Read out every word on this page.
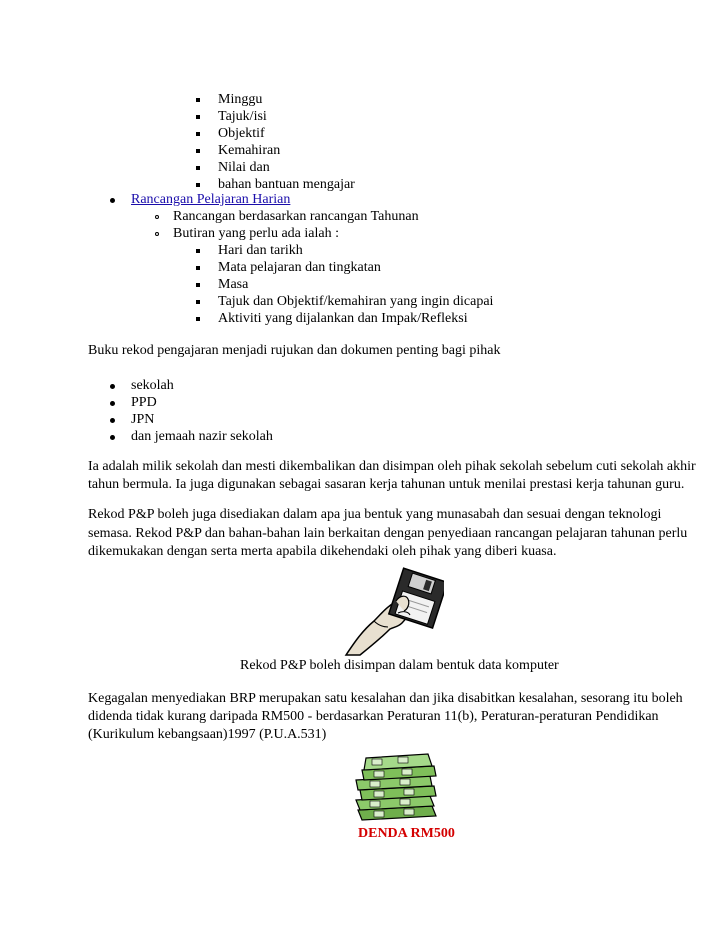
Minggu
Tajuk/isi
Objektif
Kemahiran
Nilai dan
bahan bantuan mengajar
Rancangan Pelajaran Harian
Rancangan berdasarkan rancangan Tahunan
Butiran yang perlu ada ialah :
Hari dan tarikh
Mata pelajaran dan tingkatan
Masa
Tajuk dan Objektif/kemahiran yang ingin dicapai
Aktiviti yang dijalankan dan Impak/Refleksi
Buku rekod pengajaran menjadi rujukan dan dokumen penting bagi pihak
sekolah
PPD
JPN
dan jemaah nazir sekolah
Ia adalah milik sekolah dan mesti dikembalikan dan disimpan oleh pihak sekolah sebelum cuti sekolah akhir
tahun bermula. Ia juga digunakan sebagai sasaran kerja tahunan untuk menilai prestasi kerja tahunan guru.
Rekod P&P boleh juga disediakan dalam apa jua bentuk yang munasabah dan sesuai dengan teknologi
semasa. Rekod P&P dan bahan-bahan lain berkaitan dengan penyediaan rancangan pelajaran tahunan perlu
dikemukakan dengan serta merta apabila dikehendaki oleh pihak yang diberi kuasa.
Rekod P&P boleh disimpan dalam bentuk data komputer
Kegagalan menyediakan BRP merupakan satu kesalahan dan jika disabitkan kesalahan, sesorang itu boleh
didenda tidak kurang daripada RM500 - berdasarkan Peraturan 11(b), Peraturan-peraturan Pendidikan
(Kurikulum kebangsaan)1997 (P.U.A.531)
DENDA RM500
